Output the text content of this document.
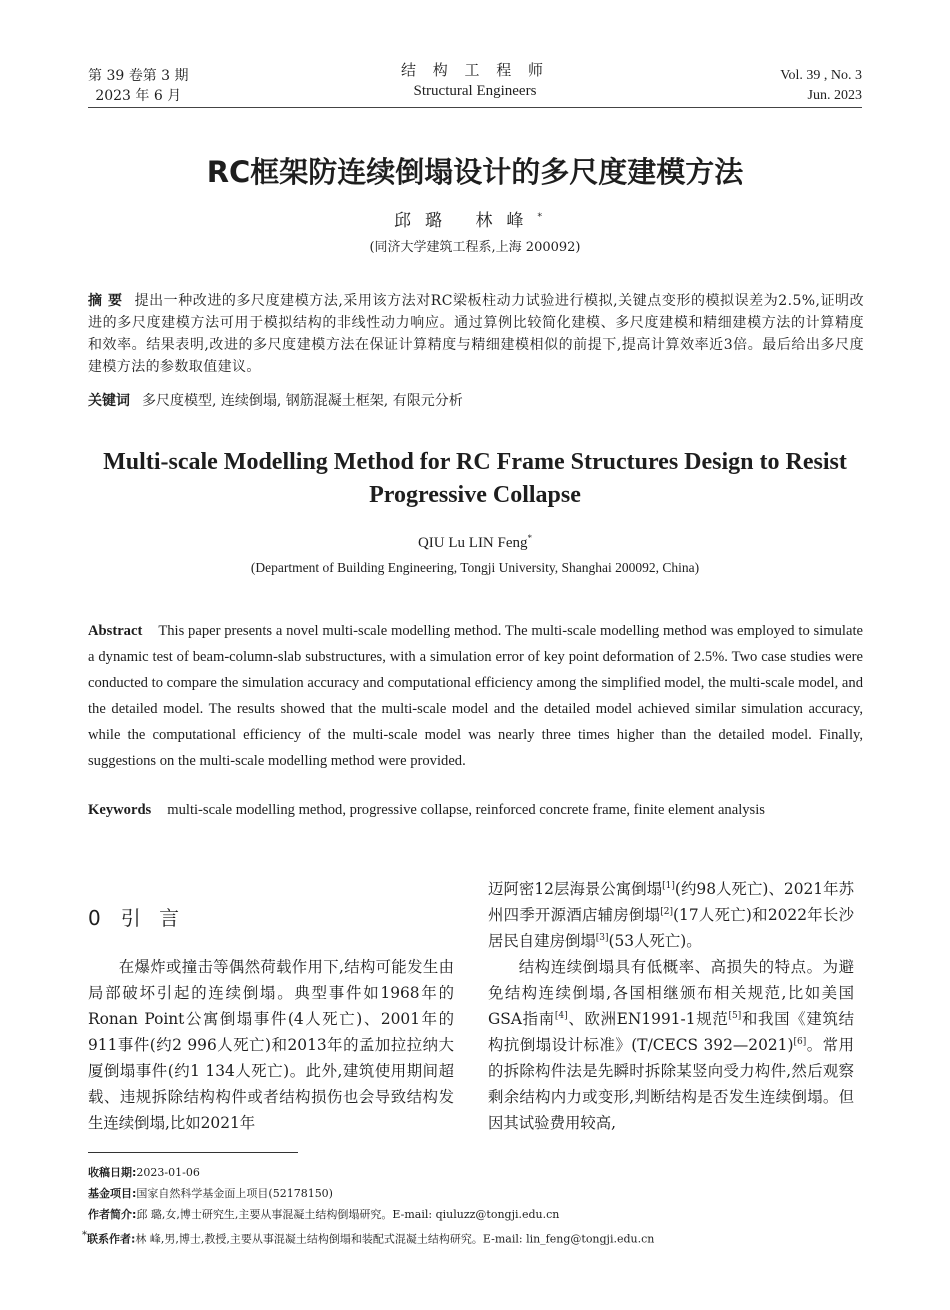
第 39 卷第 3 期
2023 年 6 月
结 构 工 程 师
Structural Engineers
Vol. 39 , No. 3
Jun. 2023
RC框架防连续倒塌设计的多尺度建模方法
邱璐 林峰*
(同济大学建筑工程系,上海 200092)
摘 要 提出一种改进的多尺度建模方法,采用该方法对RC梁板柱动力试验进行模拟,关键点变形的模拟误差为2.5%,证明改进的多尺度建模方法可用于模拟结构的非线性动力响应。通过算例比较简化建模、多尺度建模和精细建模方法的计算精度和效率。结果表明,改进的多尺度建模方法在保证计算精度与精细建模相似的前提下,提高计算效率近3倍。最后给出多尺度建模方法的参数取值建议。
关键词 多尺度模型, 连续倒塌, 钢筋混凝土框架, 有限元分析
Multi-scale Modelling Method for RC Frame Structures Design to Resist Progressive Collapse
QIU Lu LIN Feng*
(Department of Building Engineering, Tongji University, Shanghai 200092, China)
Abstract This paper presents a novel multi-scale modelling method. The multi-scale modelling method was employed to simulate a dynamic test of beam-column-slab substructures, with a simulation error of key point deformation of 2.5%. Two case studies were conducted to compare the simulation accuracy and computational efficiency among the simplified model, the multi-scale model, and the detailed model. The results showed that the multi-scale model and the detailed model achieved similar simulation accuracy, while the computational efficiency of the multi-scale model was nearly three times higher than the detailed model. Finally, suggestions on the multi-scale modelling method were provided.
Keywords multi-scale modelling method, progressive collapse, reinforced concrete frame, finite element analysis
0 引 言

在爆炸或撞击等偶然荷载作用下,结构可能发生由局部破坏引起的连续倒塌。典型事件如1968年的Ronan Point公寓倒塌事件(4人死亡)、2001年的911事件(约2 996人死亡)和2013年的孟加拉拉纳大厦倒塌事件(约1 134人死亡)。此外,建筑使用期间超载、违规拆除结构构件或者结构损伤也会导致结构发生连续倒塌,比如2021年

迈阿密12层海景公寓倒塌[1](约98人死亡)、2021年苏州四季开源酒店辅房倒塌[2](17人死亡)和2022年长沙居民自建房倒塌[3](53人死亡)。

结构连续倒塌具有低概率、高损失的特点。为避免结构连续倒塌,各国相继颁布相关规范,比如美国GSA指南[4]、欧洲EN1991-1规范[5]和我国《建筑结构抗倒塌设计标准》(T/CECS 392—2021)[6]。常用的拆除构件法是先瞬时拆除某竖向受力构件,然后观察剩余结构内力或变形,判断结构是否发生连续倒塌。但因其试验费用较高,

收稿日期:2023-01-06
基金项目:国家自然科学基金面上项目(52178150)
作者简介:邱 璐,女,博士研究生,主要从事混凝土结构倒塌研究。E-mail: qiuluzz@tongji.edu.cn
*联系作者:林 峰,男,博士,教授,主要从事混凝土结构倒塌和装配式混凝土结构研究。E-mail: lin_feng@tongji.edu.cn
